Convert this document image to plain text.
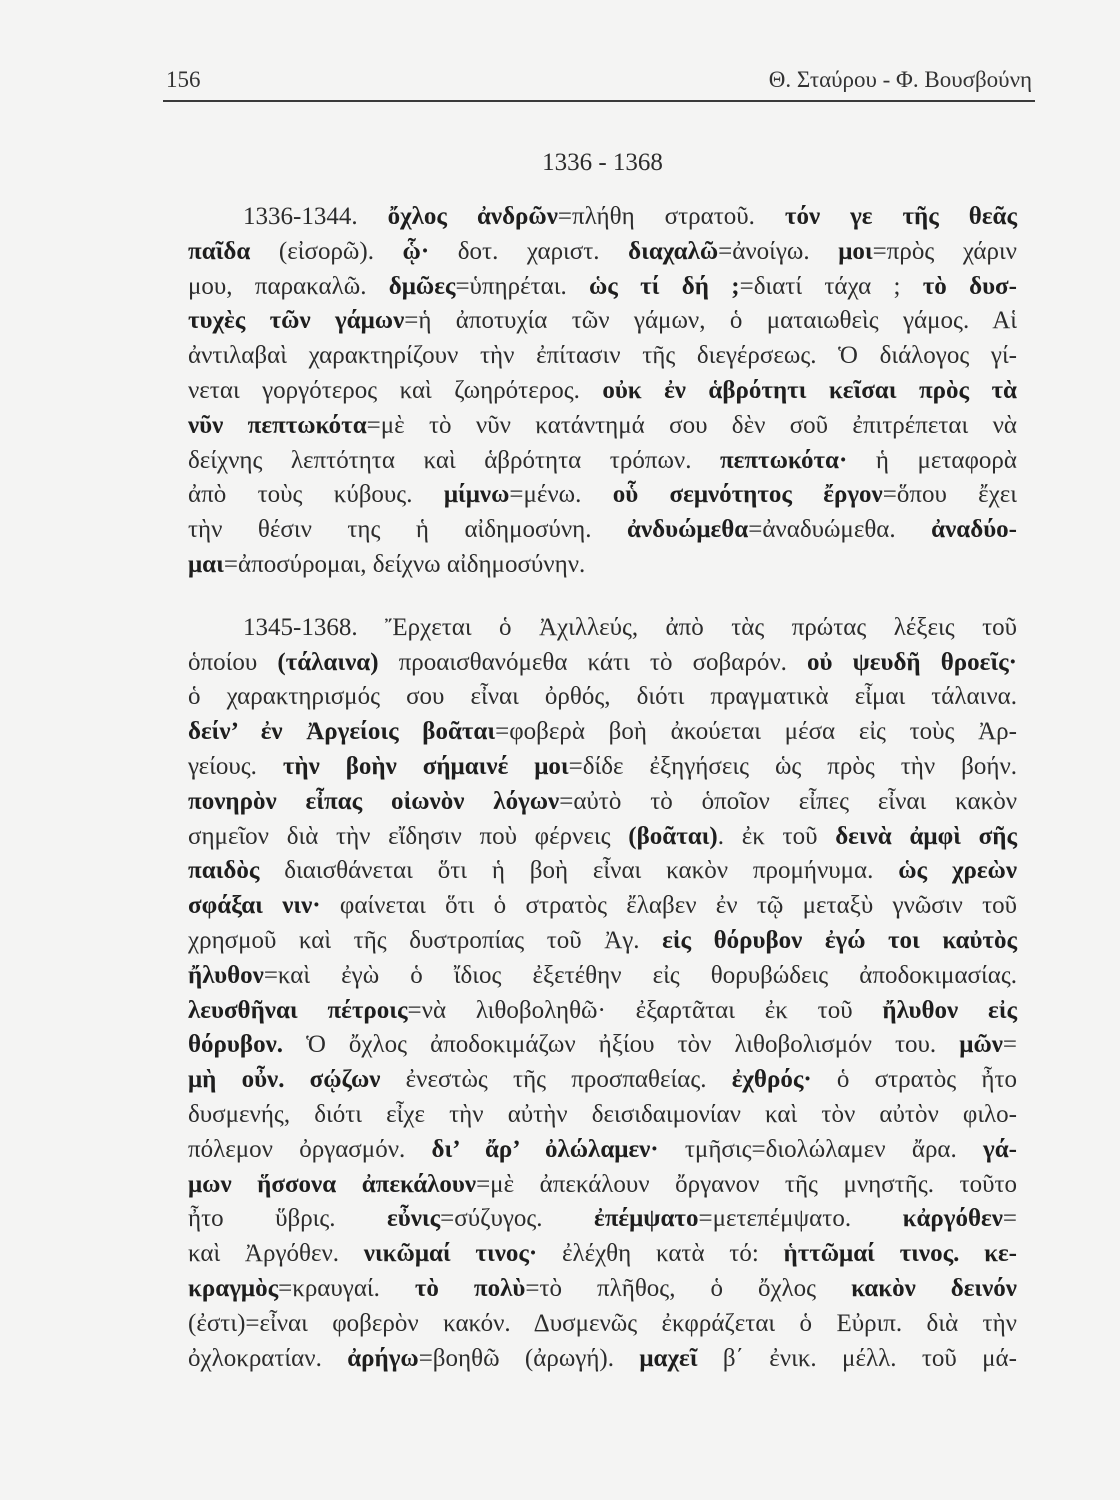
156	Θ. Σταύρου - Φ. Βουσβούνη
1336 - 1368
1336-1344. ὄχλος ἀνδρῶν=πλήθη στρατοῦ. τόν γε τῆς θεᾶς
παῖδα (εἰσορῶ). ᾧ· δοτ. χαριστ. διαχαλῶ=ἀνοίγω. μοι=πρὸς χάριν
μου, παρακαλῶ. δμῶες=ὑπηρέται. ὡς τί δή ;=διατί τάχα ; τὸ δυσ-
τυχὲς τῶν γάμων=ἡ ἀποτυχία τῶν γάμων, ὁ ματαιωθεὶς γάμος. Αἱ
ἀντιλαβαὶ χαρακτηρίζουν τὴν ἐπίτασιν τῆς διεγέρσεως. Ὁ διάλογος γί-
νεται γοργότερος καὶ ζωηρότερος. οὐκ ἐν ἁβρότητι κεῖσαι πρὸς τὰ
νῦν πεπτωκότα=μὲ τὸ νῦν κατάντημά σου δὲν σοῦ ἐπιτρέπεται νὰ
δείχνης λεπτότητα καὶ ἁβρότητα τρόπων. πεπτωκότα· ἡ μεταφορὰ
ἀπὸ τοὺς κύβους. μίμνω=μένω. οὗ σεμνότητος ἔργον=ὅπου ἔχει
τὴν θέσιν της ἡ αἰδημοσύνη. ἀνδυώμεθα=ἀναδυώμεθα. ἀναδύο-
μαι=ἀποσύρομαι, δείχνω αἰδημοσύνην.
1345-1368. Ἔρχεται ὁ Ἀχιλλεύς, ἀπὸ τὰς πρώτας λέξεις τοῦ
ὁποίου (τάλαινα) προαισθανόμεθα κάτι τὸ σοβαρόν. οὐ ψευδῆ θροεῖς·
ὁ χαρακτηρισμός σου εἶναι ὀρθός, διότι πραγματικὰ εἶμαι τάλαινα.
δείν’ ἐν Ἀργείοις βοᾶται=φοβερὰ βοὴ ἀκούεται μέσα εἰς τοὺς Ἀρ-
γείους. τὴν βοὴν σήμαινέ μοι=δίδε ἐξηγήσεις ὡς πρὸς τὴν βοήν.
πονηρὸν εἶπας οἰωνὸν λόγων=αὐτὸ τὸ ὁποῖον εἶπες εἶναι κακὸν
σημεῖον διὰ τὴν εἴδησιν ποὺ φέρνεις (βοᾶται). ἐκ τοῦ δεινὰ ἀμφὶ σῆς
παιδὸς διαισθάνεται ὅτι ἡ βοὴ εἶναι κακὸν προμήνυμα. ὡς χρεὼν
σφάξαι νιν· φαίνεται ὅτι ὁ στρατὸς ἔλαβεν ἐν τῷ μεταξὺ γνῶσιν τοῦ
χρησμοῦ καὶ τῆς δυστροπίας τοῦ Ἀγ. εἰς θόρυβον ἐγώ τοι καὐτὸς
ἤλυθον=καὶ ἐγὼ ὁ ἴδιος ἐξετέθην εἰς θορυβώδεις ἀποδοκιμασίας.
λευσθῆναι πέτροις=νὰ λιθοβοληθῶ· ἐξαρτᾶται ἐκ τοῦ ἤλυθον εἰς
θόρυβον. Ὁ ὄχλος ἀποδοκιμάζων ἠξίου τὸν λιθοβολισμόν του. μῶν=
μὴ οὖν. σῴζων ἐνεστὼς τῆς προσπαθείας. ἐχθρός· ὁ στρατὸς ἦτο
δυσμενής, διότι εἶχε τὴν αὐτὴν δεισιδαιμονίαν καὶ τὸν αὐτὸν φιλο-
πόλεμον ὀργασμόν. δι’ ἄρ’ ὀλώλαμεν· τμῆσις=διολώλαμεν ἄρα. γά-
μων ἥσσονα ἀπεκάλουν=μὲ ἀπεκάλουν ὄργανον τῆς μνηστῆς. τοῦτο
ἦτο ὕβρις. εὖνις=σύζυγος. ἐπέμψατο=μετεπέμψατο. κἀργόθεν=
καὶ Ἀργόθεν. νικῶμαί τινος· ἐλέχθη κατὰ τό: ἡττῶμαί τινος. κε-
κραγμὸς=κραυγαί. τὸ πολὺ=τὸ πλῆθος, ὁ ὄχλος κακὸν δεινόν
(ἐστι)=εἶναι φοβερὸν κακόν. Δυσμενῶς ἐκφράζεται ὁ Εὐριπ. διὰ τὴν
ὀχλοκρατίαν. ἀρήγω=βοηθῶ (ἀρωγή). μαχεῖ β΄ ἐνικ. μέλλ. τοῦ μά-
